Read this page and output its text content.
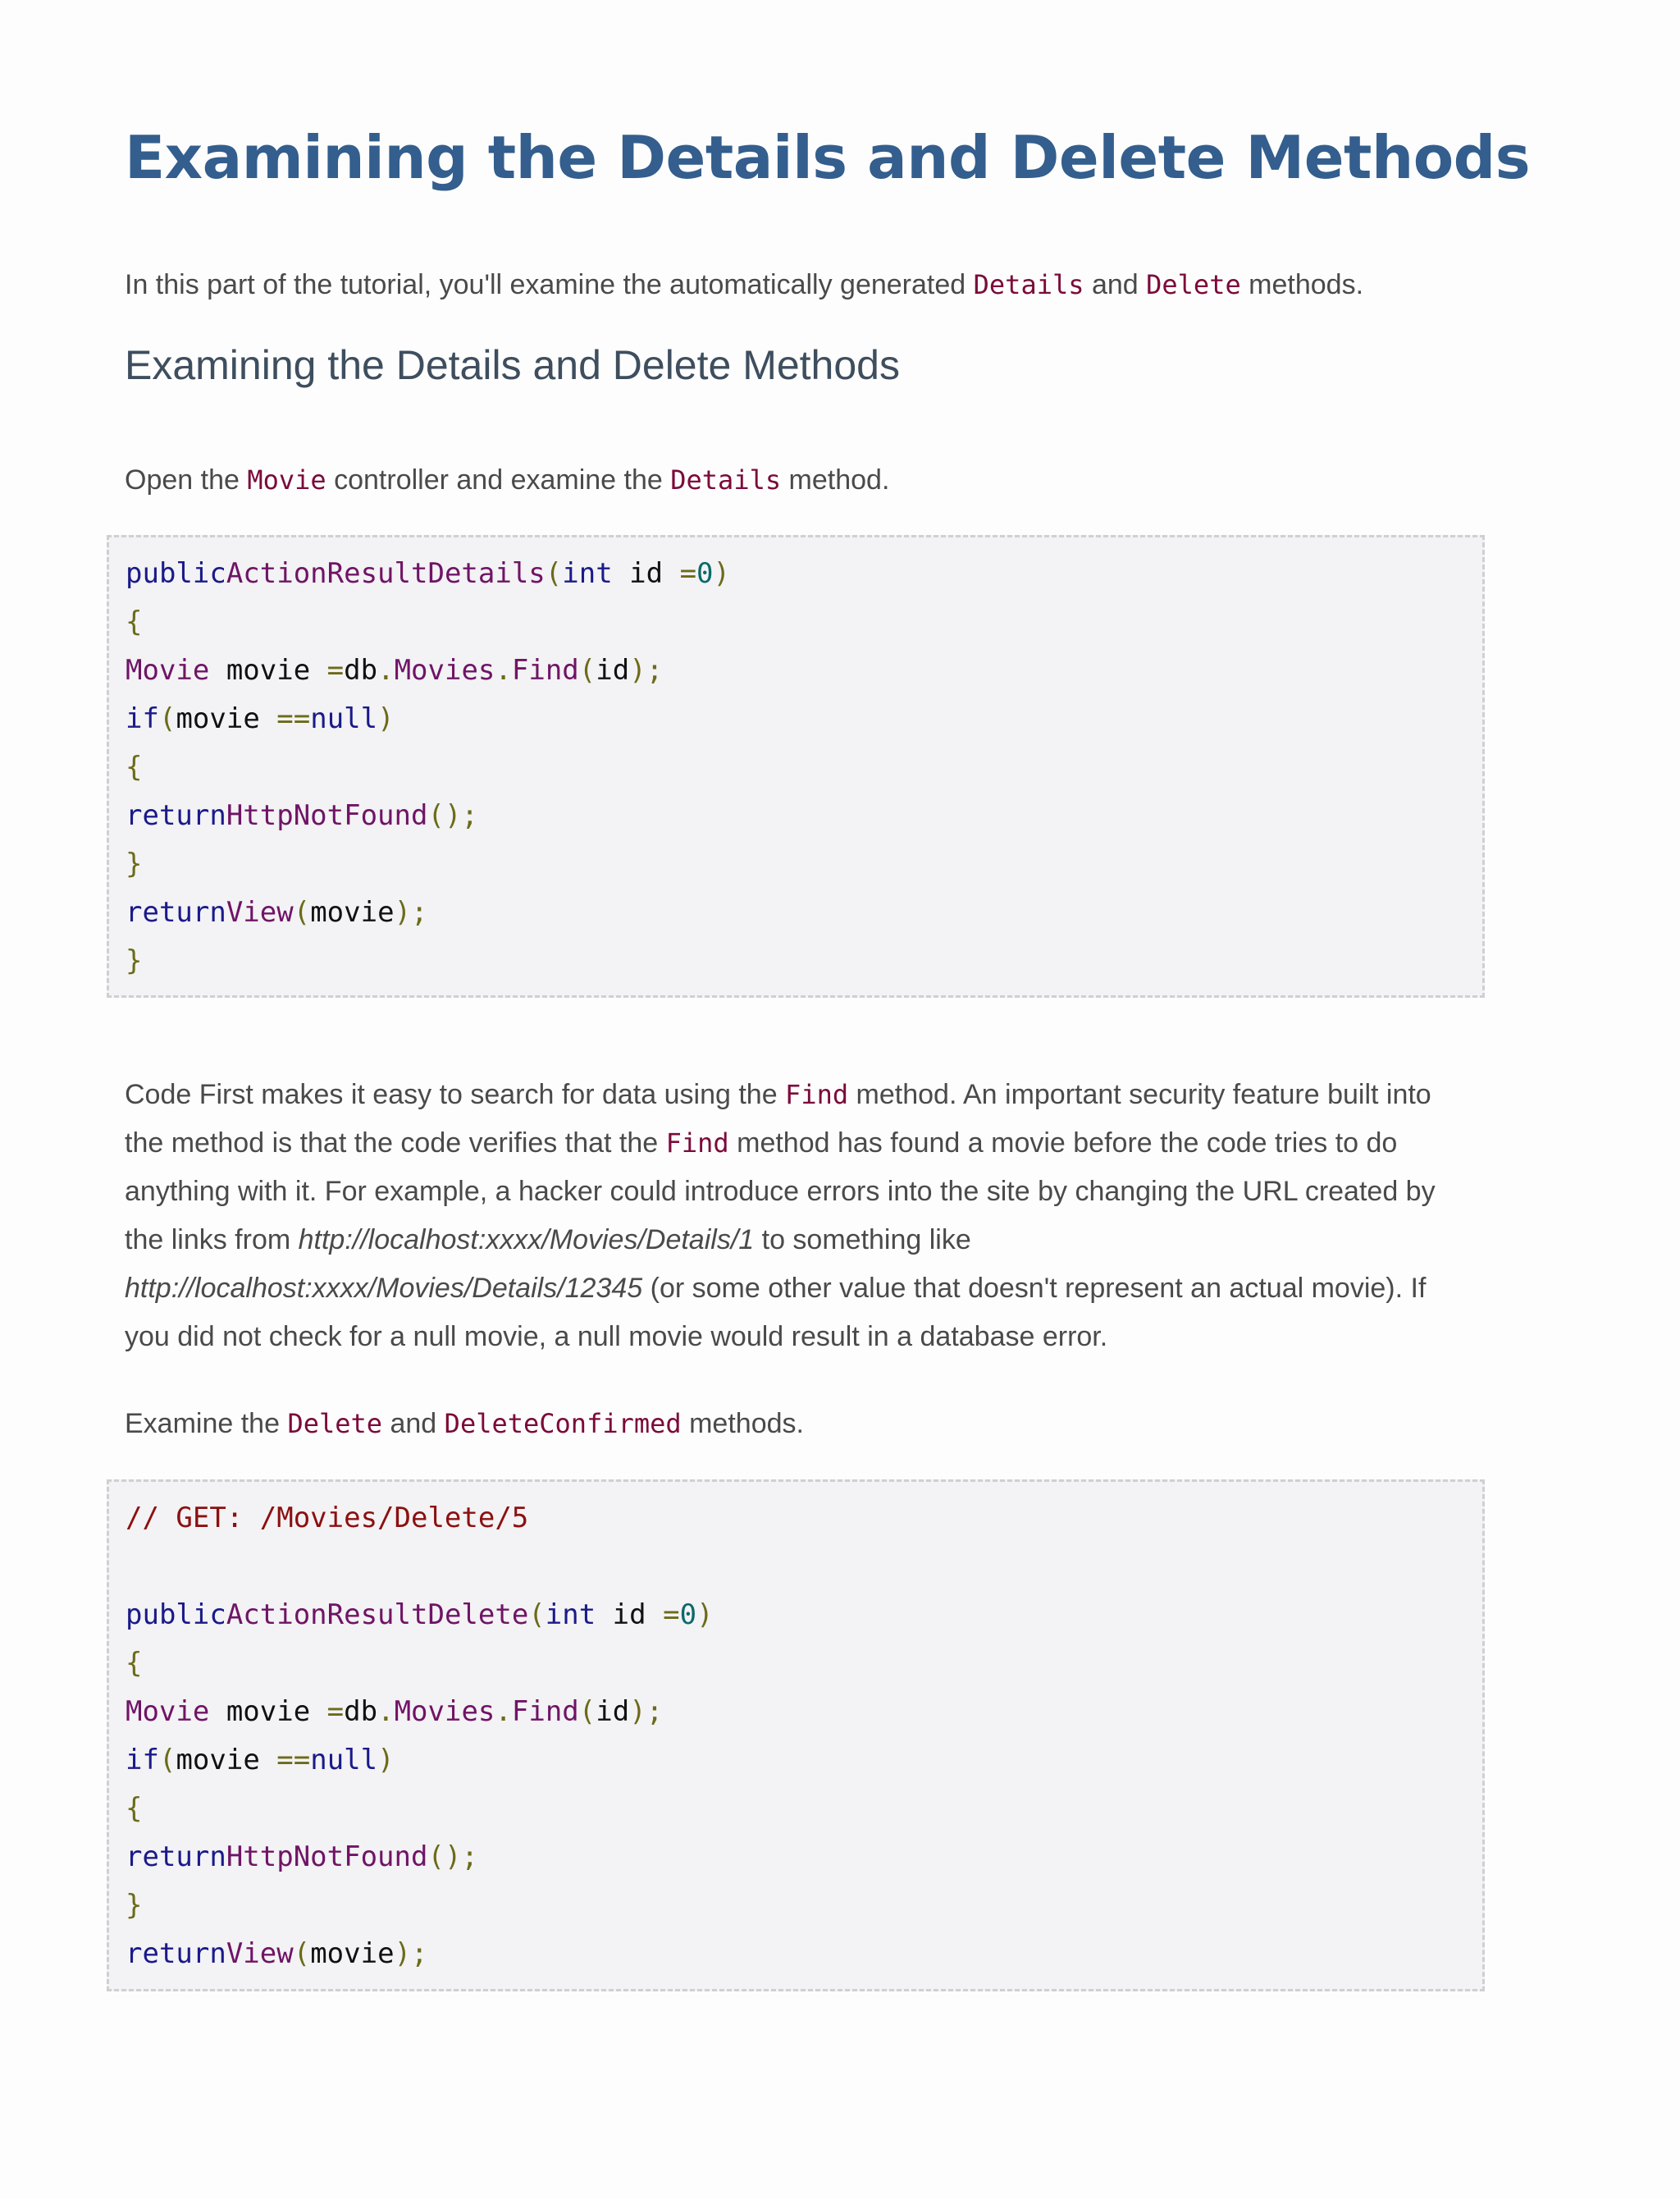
Examining the Details and Delete Methods

In this part of the tutorial, you'll examine the automatically generated Details and Delete methods.

Examining the Details and Delete Methods

Open the Movie controller and examine the Details method.

publicActionResultDetails(int id =0)
{
Movie movie =db.Movies.Find(id);
if(movie ==null)
{
returnHttpNotFound();
}
returnView(movie);
}

Code First makes it easy to search for data using the Find method. An important security feature built into the method is that the code verifies that the Find method has found a movie before the code tries to do anything with it. For example, a hacker could introduce errors into the site by changing the URL created by the links from http://localhost:xxxx/Movies/Details/1 to something like http://localhost:xxxx/Movies/Details/12345 (or some other value that doesn't represent an actual movie). If you did not check for a null movie, a null movie would result in a database error.

Examine the Delete and DeleteConfirmed methods.

// GET: /Movies/Delete/5
publicActionResultDelete(int id =0)
{
Movie movie =db.Movies.Find(id);
if(movie ==null)
{
returnHttpNotFound();
}
returnView(movie);
